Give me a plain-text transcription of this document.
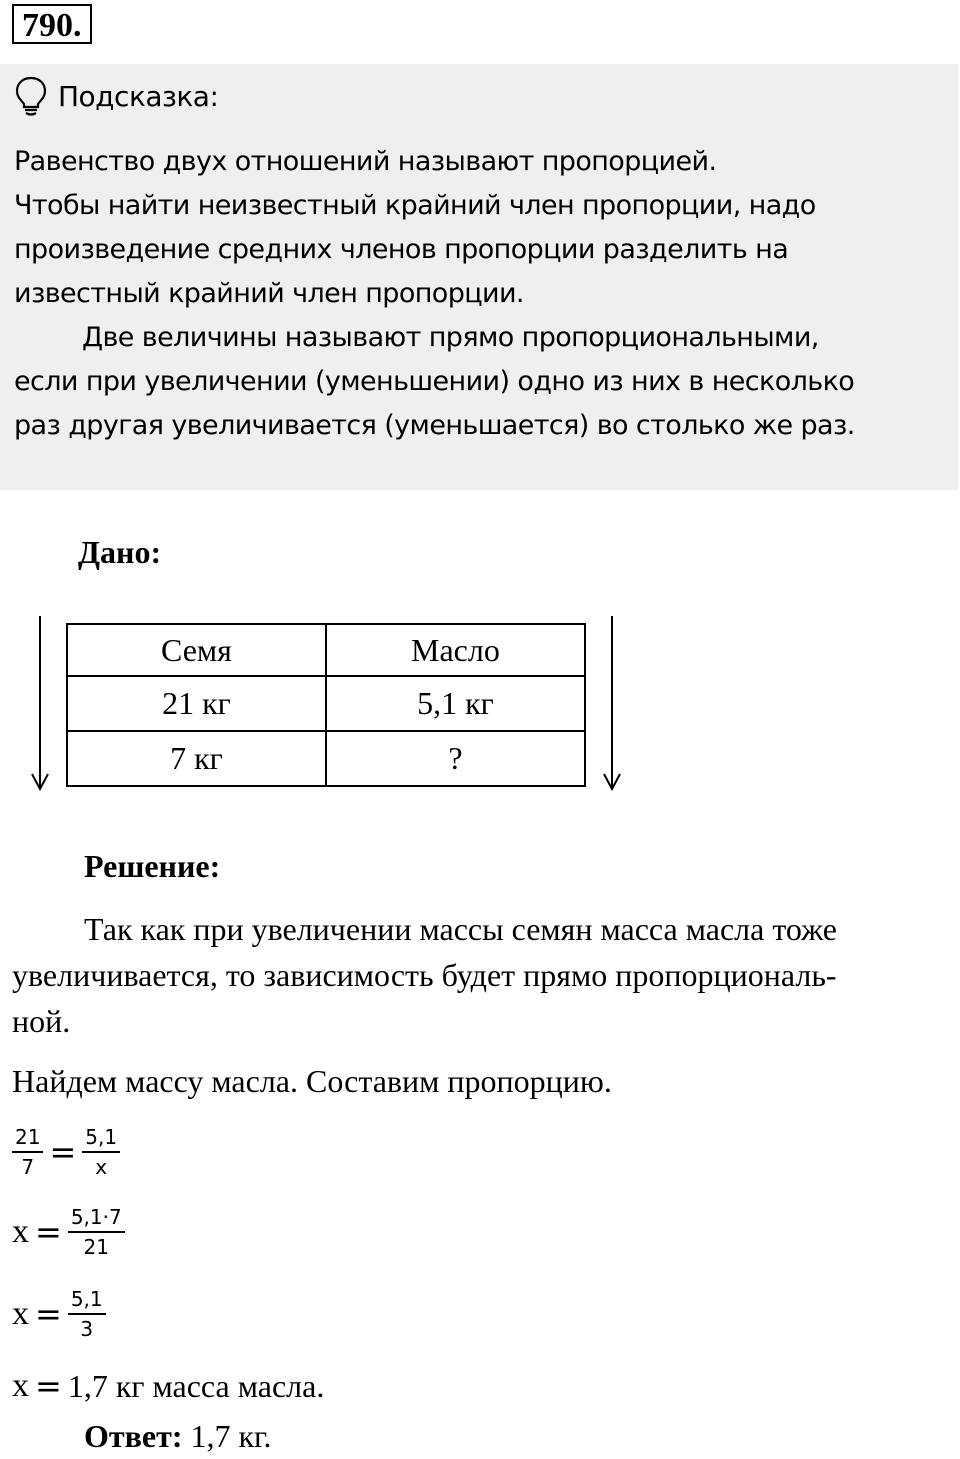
790.
Подсказка:

Равенство двух отношений называют пропорцией.
Чтобы найти неизвестный крайний член пропорции, надо
произведение средних членов пропорции разделить на
известный крайний член пропорции.

Две величины называют прямо пропорциональными,
если при увеличении (уменьшении) одно из них в несколько
раз другая увеличивается (уменьшается) во столько же раз.

Дано:
Семя	Масло
21 кг	5,1 кг
7 кг	?
Решение:

Так как при увеличении массы семян масса масла тоже
увеличивается, то зависимость будет прямо пропорциональ-
ной.

Найдем массу масла. Составим пропорцию.
$\frac{21}{7} = \frac{5,1}{x}$
$x = \frac{5,1\cdot 7}{21}$
$x = \frac{5,1}{3}$
x = 1,7 кг масса масла.
Ответ: 1,7 кг.
